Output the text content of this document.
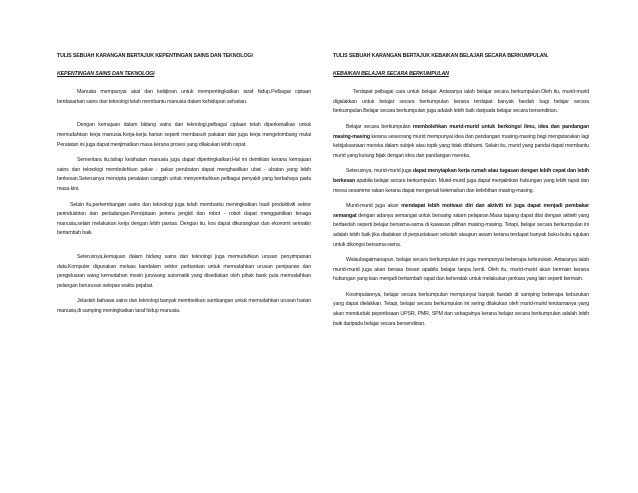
TULIS SEBUAH KARANGAN BERTAJUK KEPENTINGAN SAINS DAN TEKNOLOGI
KEPENTINGAN SAINS DAN TEKNOLOGI

Manusia mempunyai akal dan kebijinan untuk mempertingkatkan taraf hidup.Pelbagai ciptaan berdasarkan sains dan teknologi telah membantu manusia dalam kehidupan seharian.

Dengan kemajuan dalam bidang sains dan teknologi,pelbagai ciptaan telah diperkenalkan untuk memudahkan kerja manusia.Kerja-kerja harian seperti membasuh pakaian dan juga kerja mengelombang mulai Peralatan ini juga dapat menjimatkan masa kerana proses yang dilakukan lebih cepat.

Sementara itu,tahap kesihatan manusia juga dapat dipertingkatkan.Hal ini demikian kerana kemajuan sains dan teknologi membolehkan pakar - pakar perubatan dapat menghasilkan ubat - ubatan yang lebih berkesan.Seterusnya mencipta peralatan canggih untuk menyembuhkan pelbagai penyakit yang berbahaya pada masa kini.

Selain itu,perkembangan sains dan teknologi juga telah membantu meningkatkan hasil produktiviti sektor perindustrian dan perladangan.Penciptaan jentera jengkit dan robot - robot dapat menggantikan tenaga manusia,selain melakukan kerja dengan lebih pantas. Dengan itu, kos dapat dikurangkan dan ekonomi semakin bertambah baik.

Seterusnya,kemajuan dalam bidang sains dan teknologi juga memudahkan urusan penyimpanan data.Komputer digunakan meluas kandalam sektor perbankan untuk memudahkan urusan penipanan dan pengeluaran wang kemudahan mesin juruwang automatik yang disediakan oleh pihak bank pula memudahkan pelangan berurusan selepas waktu pejabat.

Jelaslah bahawa sains dan teknologi banyak memberikan sumbangan untuk memudahkan urusan harian manusia,di samping meningkatkan taraf hidup manusia.

TULIS SEBUAH KARANGAN BERTAJUK KEBAIKAN BELAJAR SECARA BERKUMPULAN.
KEBAIKAN BELAJAR SECARA BERKUMPULAN

Terdapat pelbagai cara untuk belajar. Antaranya ialah belajar secara berkumpulan.Oleh itu, murid-murid digalakkan untuk belajar secara berkumpulan kerana terdapat banyak faedah bagi belajar secara berkumpulan.Belajar secara berkumpulan juga adalah lebih baik daripada belajar secara bersendirian.

Belajar secara berkumpulan membolehkan murid-murid untuk berkongsi ilmu, idea dan pandangan masing-masing kerana seseorang murid mempunyai idea dan pandangan masing-masing bagi mengutarakan lagi kebijaksanaan mereka dalam subjek atau topik yang tidak difahami. Selain itu, murid yang pandai dapat membantu murid yang kurang bijak dengan idea dan pandangan mereka.

Seterusnya, murid-murid juga dapat menyiapkan kerja rumah atau tugasan dengan lebih cepat dan lebih berkesan apabila belajar secara berkumpulan. Murid-murid juga dapat menjalinkan hubungan yang lebih rapat dan mesra sesamme rakan kerana dapat mengenali kelemahan dan kelebihan masing-masing.

Murid-murid juga akan mendapat lebih motivasi diri dan aktiviti ini juga dapat menjadi pembakar semangat dengan adanya semangat untuk bersaing salam pelajaran.Masa lapang dapat diisi dengan aktiviti yang berfaedah seperti belajar bersama-sama di kawasan pilihan masing-masing. Tetapi, belajar secara berkumpulan ini adalah lebih baik jika diadakan di perpustakaan sekolah ataupun awam kerana terdapat banyak buku-buku rujukan untuk dikongsi bersama-sama.

Walaubagaimanapun, belajar secara berkumpulan ini juga mempunyai beberapa keburukan. Antaranya ialah murid-murid juga akan berasa bosan apabila belajar tanpa henti. Oleh itu, murid-murid akan bermain kerana hubungan yang kian menjadi bertambah rapat dan kehendak untuk melakukan perkara yang lain seperti bermain.

Kesimpulannya, belajar secara berkumpulan mempunyai banyak faedah di samping beberapa keburukan yang dapat dielakkan. Tetapi, belajar secara berkumpulan ini sering dilakukan oleh murid-murid terutamanya yang akan menduduki peperiksaan UPSR, PMR, SPM dan sebagainya kerana belajar secara berkumpulan adalah lebih baik daripada belajar secara bersendirian.
